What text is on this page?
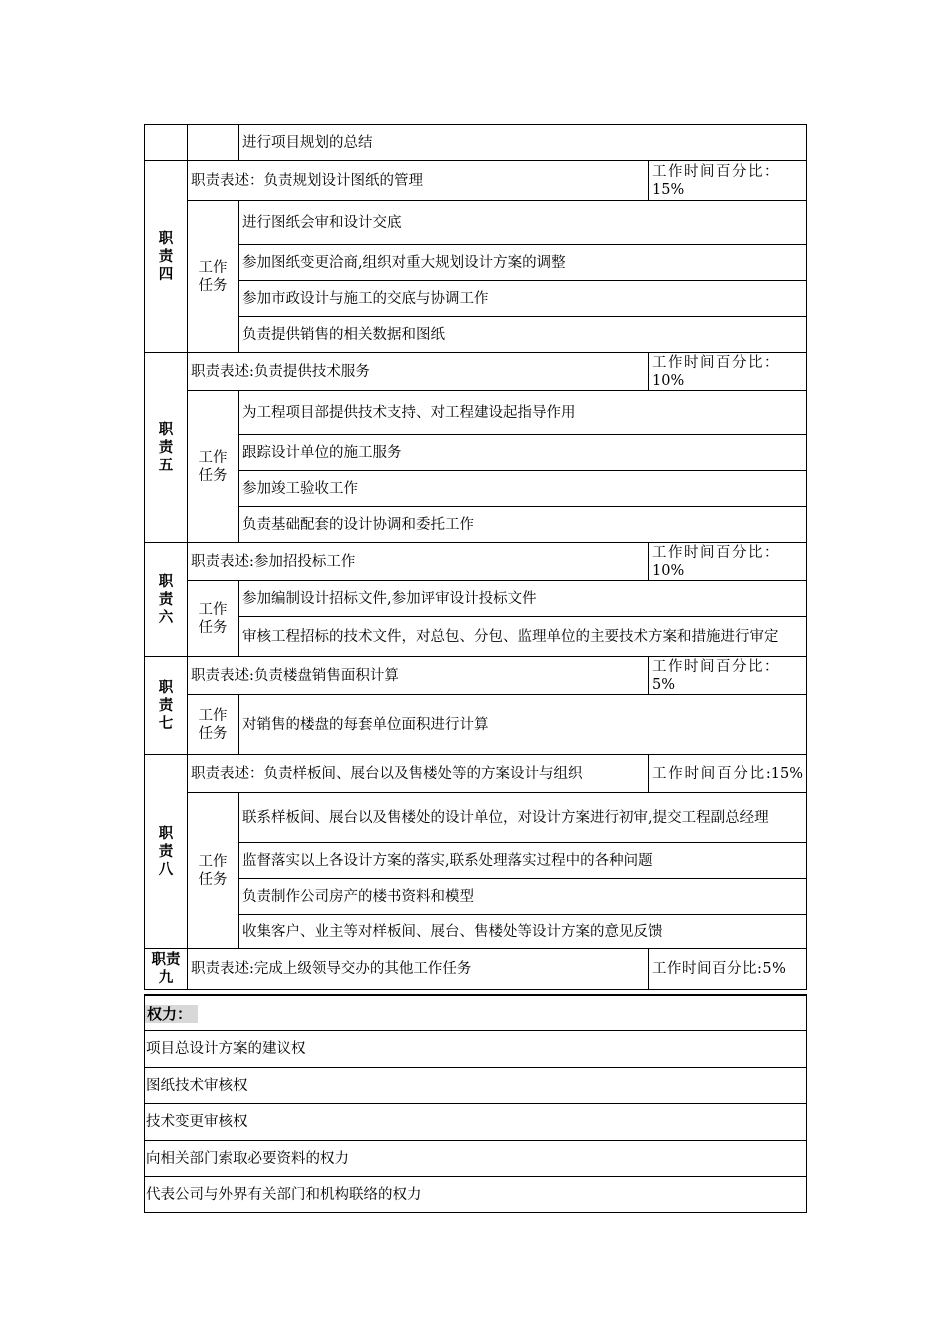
		进行项目规划的总结	
职责四	职责表述：负责规划设计图纸的管理		工作时间百分比：
15%
	工作任务	进行图纸会审和设计交底	
		参加图纸变更洽商,组织对重大规划设计方案的调整	
		参加市政设计与施工的交底与协调工作	
		负责提供销售的相关数据和图纸	
职责五	职责表述:负责提供技术服务		工作时间百分比：
10%
	工作任务	为工程项目部提供技术支持、对工程建设起指导作用	
		跟踪设计单位的施工服务	
		参加竣工验收工作	
		负责基础配套的设计协调和委托工作	
职责六	职责表述:参加招投标工作		工作时间百分比：
10%
	工作任务	参加编制设计招标文件,参加评审设计投标文件	
		审核工程招标的技术文件，对总包、分包、监理单位的主要技术方案和措施进行审定	
职责七	职责表述:负责楼盘销售面积计算		工作时间百分比：
5%
	工作任务	对销售的楼盘的每套单位面积进行计算	
职责八	职责表述：负责样板间、展台以及售楼处等的方案设计与组织		工作时间百分比:15%
	工作任务	联系样板间、展台以及售楼处的设计单位，对设计方案进行初审,提交工程副总经理	
		监督落实以上各设计方案的落实,联系处理落实过程中的各种问题	
		负责制作公司房产的楼书资料和模型	
		收集客户、业主等对样板间、展台、售楼处等设计方案的意见反馈	
职责九	职责表述:完成上级领导交办的其他工作任务		工作时间百分比:5%
权力：
项目总设计方案的建议权
图纸技术审核权
技术变更审核权
向相关部门索取必要资料的权力
代表公司与外界有关部门和机构联络的权力
